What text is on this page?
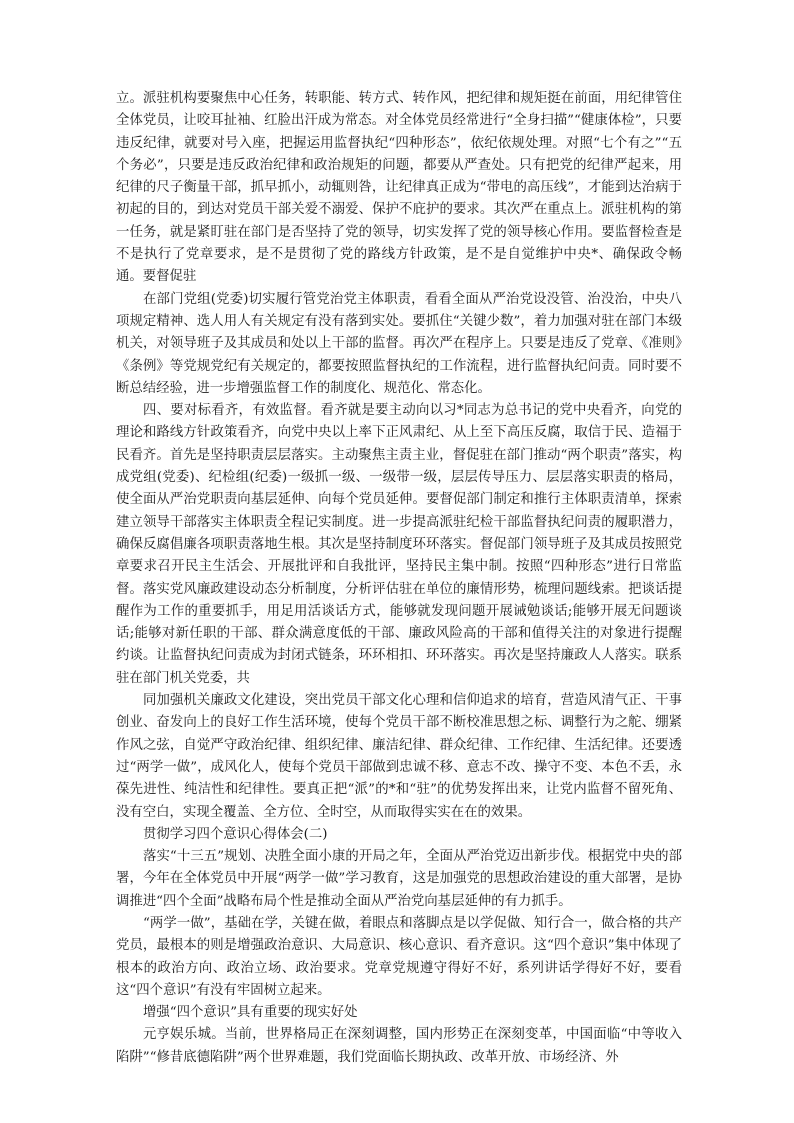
立。派驻机构要聚焦中心任务，转职能、转方式、转作风，把纪律和规矩挺在前面，用纪律管住全体党员，让咬耳扯袖、红脸出汗成为常态。对全体党员经常进行“全身扫描”“健康体检”，只要违反纪律，就要对号入座，把握运用监督执纪“四种形态”，依纪依规处理。对照“七个有之”“五个务必”，只要是违反政治纪律和政治规矩的问题，都要从严查处。只有把党的纪律严起来，用纪律的尺子衡量干部，抓早抓小，动辄则咎，让纪律真正成为“带电的高压线”，才能到达治病于初起的目的，到达对党员干部关爱不溺爱、保护不庇护的要求。其次严在重点上。派驻机构的第一任务，就是紧盯驻在部门是否坚持了党的领导，切实发挥了党的领导核心作用。要监督检查是不是执行了党章要求，是不是贯彻了党的路线方针政策，是不是自觉维护中央*、确保政令畅通。要督促驻

在部门党组(党委)切实履行管党治党主体职责，看看全面从严治党设没管、治没治，中央八项规定精神、选人用人有关规定有没有落到实处。要抓住“关键少数”，着力加强对驻在部门本级机关，对领导班子及其成员和处以上干部的监督。再次严在程序上。只要是违反了党章、《准则》《条例》等党规党纪有关规定的，都要按照监督执纪的工作流程，进行监督执纪问责。同时要不断总结经验，进一步增强监督工作的制度化、规范化、常态化。

四、要对标看齐，有效监督。看齐就是要主动向以习*同志为总书记的党中央看齐，向党的理论和路线方针政策看齐，向党中央以上率下正风肃纪、从上至下高压反腐，取信于民、造福于民看齐。首先是坚持职责层层落实。主动聚焦主责主业，督促驻在部门推动“两个职责”落实，构成党组(党委)、纪检组(纪委)一级抓一级、一级带一级，层层传导压力、层层落实职责的格局，使全面从严治党职责向基层延伸、向每个党员延伸。要督促部门制定和推行主体职责清单，探索建立领导干部落实主体职责全程记实制度。进一步提高派驻纪检干部监督执纪问责的履职潜力，确保反腐倡廉各项职责落地生根。其次是坚持制度环环落实。督促部门领导班子及其成员按照党章要求召开民主生活会、开展批评和自我批评，坚持民主集中制。按照“四种形态”进行日常监督。落实党风廉政建设动态分析制度，分析评估驻在单位的廉情形势，梳理问题线索。把谈话提醒作为工作的重要抓手，用足用活谈话方式，能够就发现问题开展诫勉谈话;能够开展无问题谈话;能够对新任职的干部、群众满意度低的干部、廉政风险高的干部和值得关注的对象进行提醒约谈。让监督执纪问责成为封闭式链条，环环相扣、环环落实。再次是坚持廉政人人落实。联系驻在部门机关党委，共

同加强机关廉政文化建设，突出党员干部文化心理和信仰追求的培育，营造风清气正、干事创业、奋发向上的良好工作生活环境，使每个党员干部不断校准思想之标、调整行为之舵、绷紧作风之弦，自觉严守政治纪律、组织纪律、廉洁纪律、群众纪律、工作纪律、生活纪律。还要透过“两学一做”，成风化人，使每个党员干部做到忠诚不移、意志不改、操守不变、本色不丢，永葆先进性、纯洁性和纪律性。要真正把“派”的*和“驻”的优势发挥出来，让党内监督不留死角、没有空白，实现全覆盖、全方位、全时空，从而取得实实在在的效果。

贯彻学习四个意识心得体会(二)

落实“十三五”规划、决胜全面小康的开局之年，全面从严治党迈出新步伐。根据党中央的部署，今年在全体党员中开展“两学一做”学习教育，这是加强党的思想政治建设的重大部署，是协调推进“四个全面”战略布局个性是推动全面从严治党向基层延伸的有力抓手。

“两学一做”，基础在学，关键在做，着眼点和落脚点是以学促做、知行合一，做合格的共产党员，最根本的则是增强政治意识、大局意识、核心意识、看齐意识。这“四个意识”集中体现了根本的政治方向、政治立场、政治要求。党章党规遵守得好不好，系列讲话学得好不好，要看这“四个意识”有没有牢固树立起来。

增强“四个意识”具有重要的现实好处

元亨娱乐城。当前，世界格局正在深刻调整，国内形势正在深刻变革，中国面临“中等收入陷阱”“修昔底德陷阱”两个世界难题，我们党面临长期执政、改革开放、市场经济、外
